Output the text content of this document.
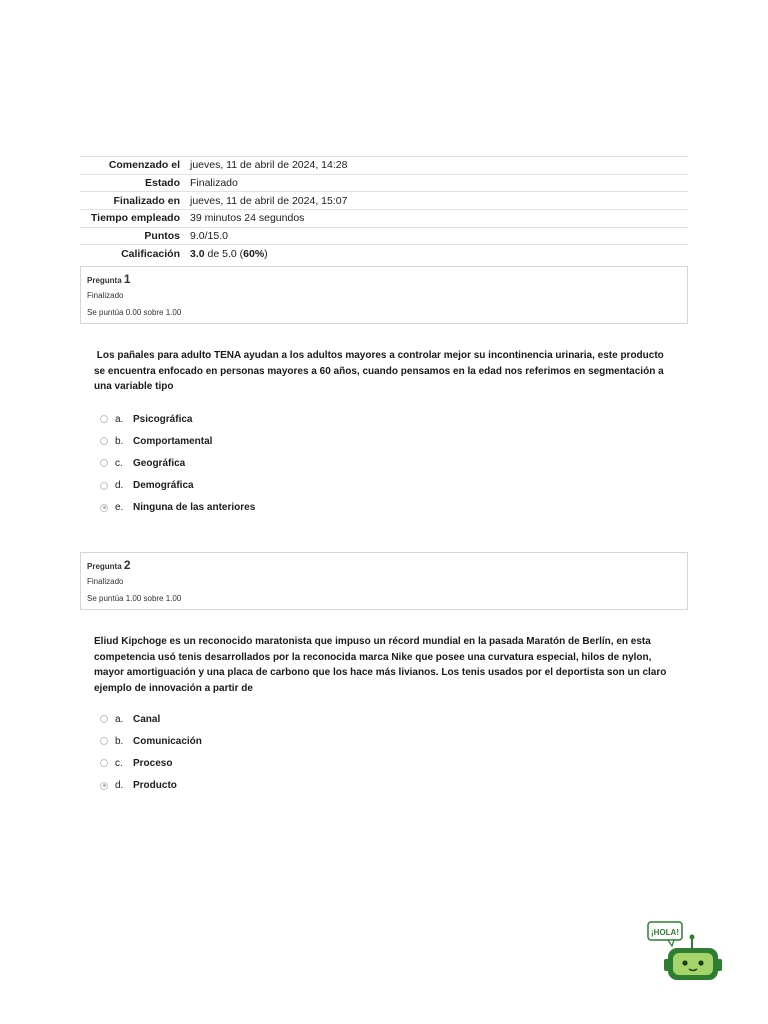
Comenzado el	jueves, 11 de abril de 2024, 14:28
Estado	Finalizado
Finalizado en	jueves, 11 de abril de 2024, 15:07
Tiempo empleado	39 minutos 24 segundos
Puntos	9.0/15.0
Calificación	3.0 de 5.0 (60%)
Pregunta 1
Finalizado
Se puntúa 0.00 sobre 1.00
Los pañales para adulto TENA ayudan a los adultos mayores a controlar mejor su incontinencia urinaria, este producto se encuentra enfocado en personas mayores a 60 años, cuando pensamos en la edad nos referimos en segmentación a una variable tipo
a. Psicográfica
b. Comportamental
c.	Geográfica
d. Demográfica
e. Ninguna de las anteriores
Pregunta 2
Finalizado
Se puntúa 1.00 sobre 1.00
Eliud Kipchoge es un reconocido maratonista que impuso un récord mundial en la pasada Maratón de Berlín, en esta competencia usó tenis desarrollados por la reconocida marca Nike que posee una curvatura especial, hilos de nylon, mayor amortiguación y una placa de carbono que los hace más livianos. Los tenis usados por el deportista son un claro ejemplo de innovación a partir de
a. Canal
b. Comunicación
c.	Proceso
d. Producto
¡HOLA!
